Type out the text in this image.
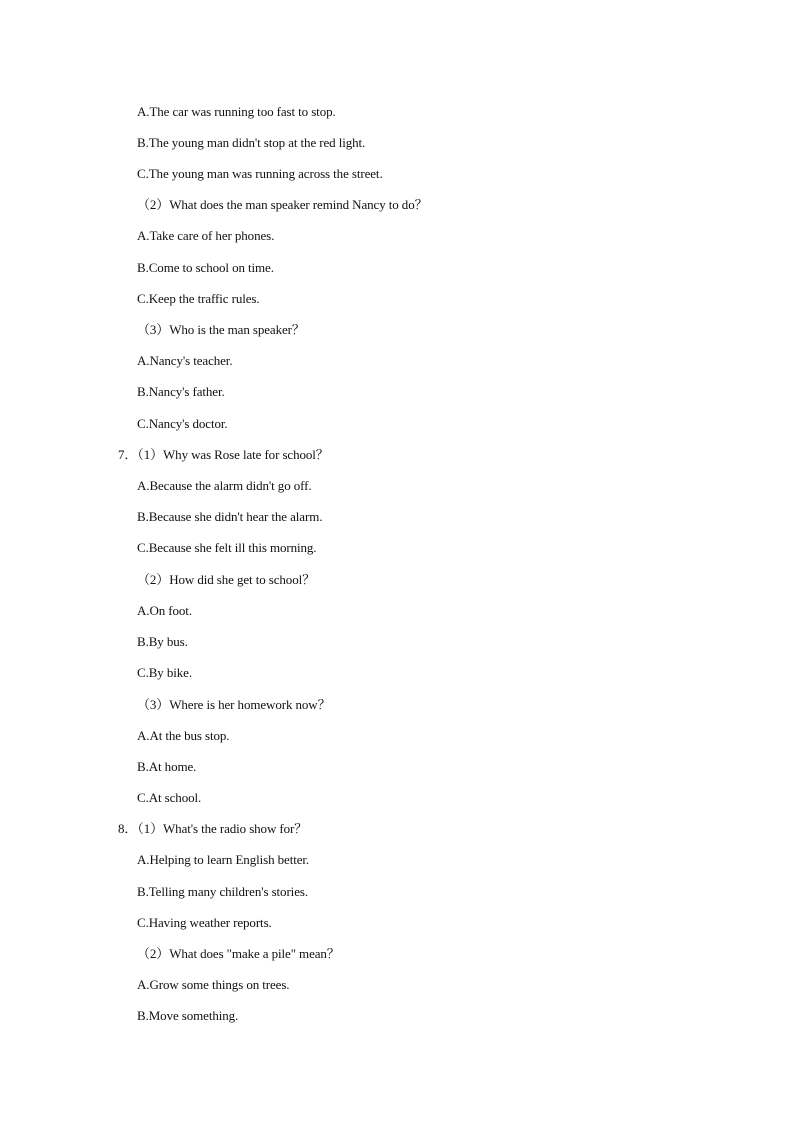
A.The car was running too fast to stop.
B.The young man didn't stop at the red light.
C.The young man was running across the street.
（2）What does the man speaker remind Nancy to do？
A.Take care of her phones.
B.Come to school on time.
C.Keep the traffic rules.
（3）Who is the man speaker？
A.Nancy's teacher.
B.Nancy's father.
C.Nancy's doctor.
7．（1）Why was Rose late for school？
A.Because the alarm didn't go off.
B.Because she didn't hear the alarm.
C.Because she felt ill this morning.
（2）How did she get to school？
A.On foot.
B.By bus.
C.By bike.
（3）Where is her homework now？
A.At the bus stop.
B.At home.
C.At school.
8．（1）What's the radio show for？
A.Helping to learn English better.
B.Telling many children's stories.
C.Having weather reports.
（2）What does "make a pile" mean？
A.Grow some things on trees.
B.Move something.
